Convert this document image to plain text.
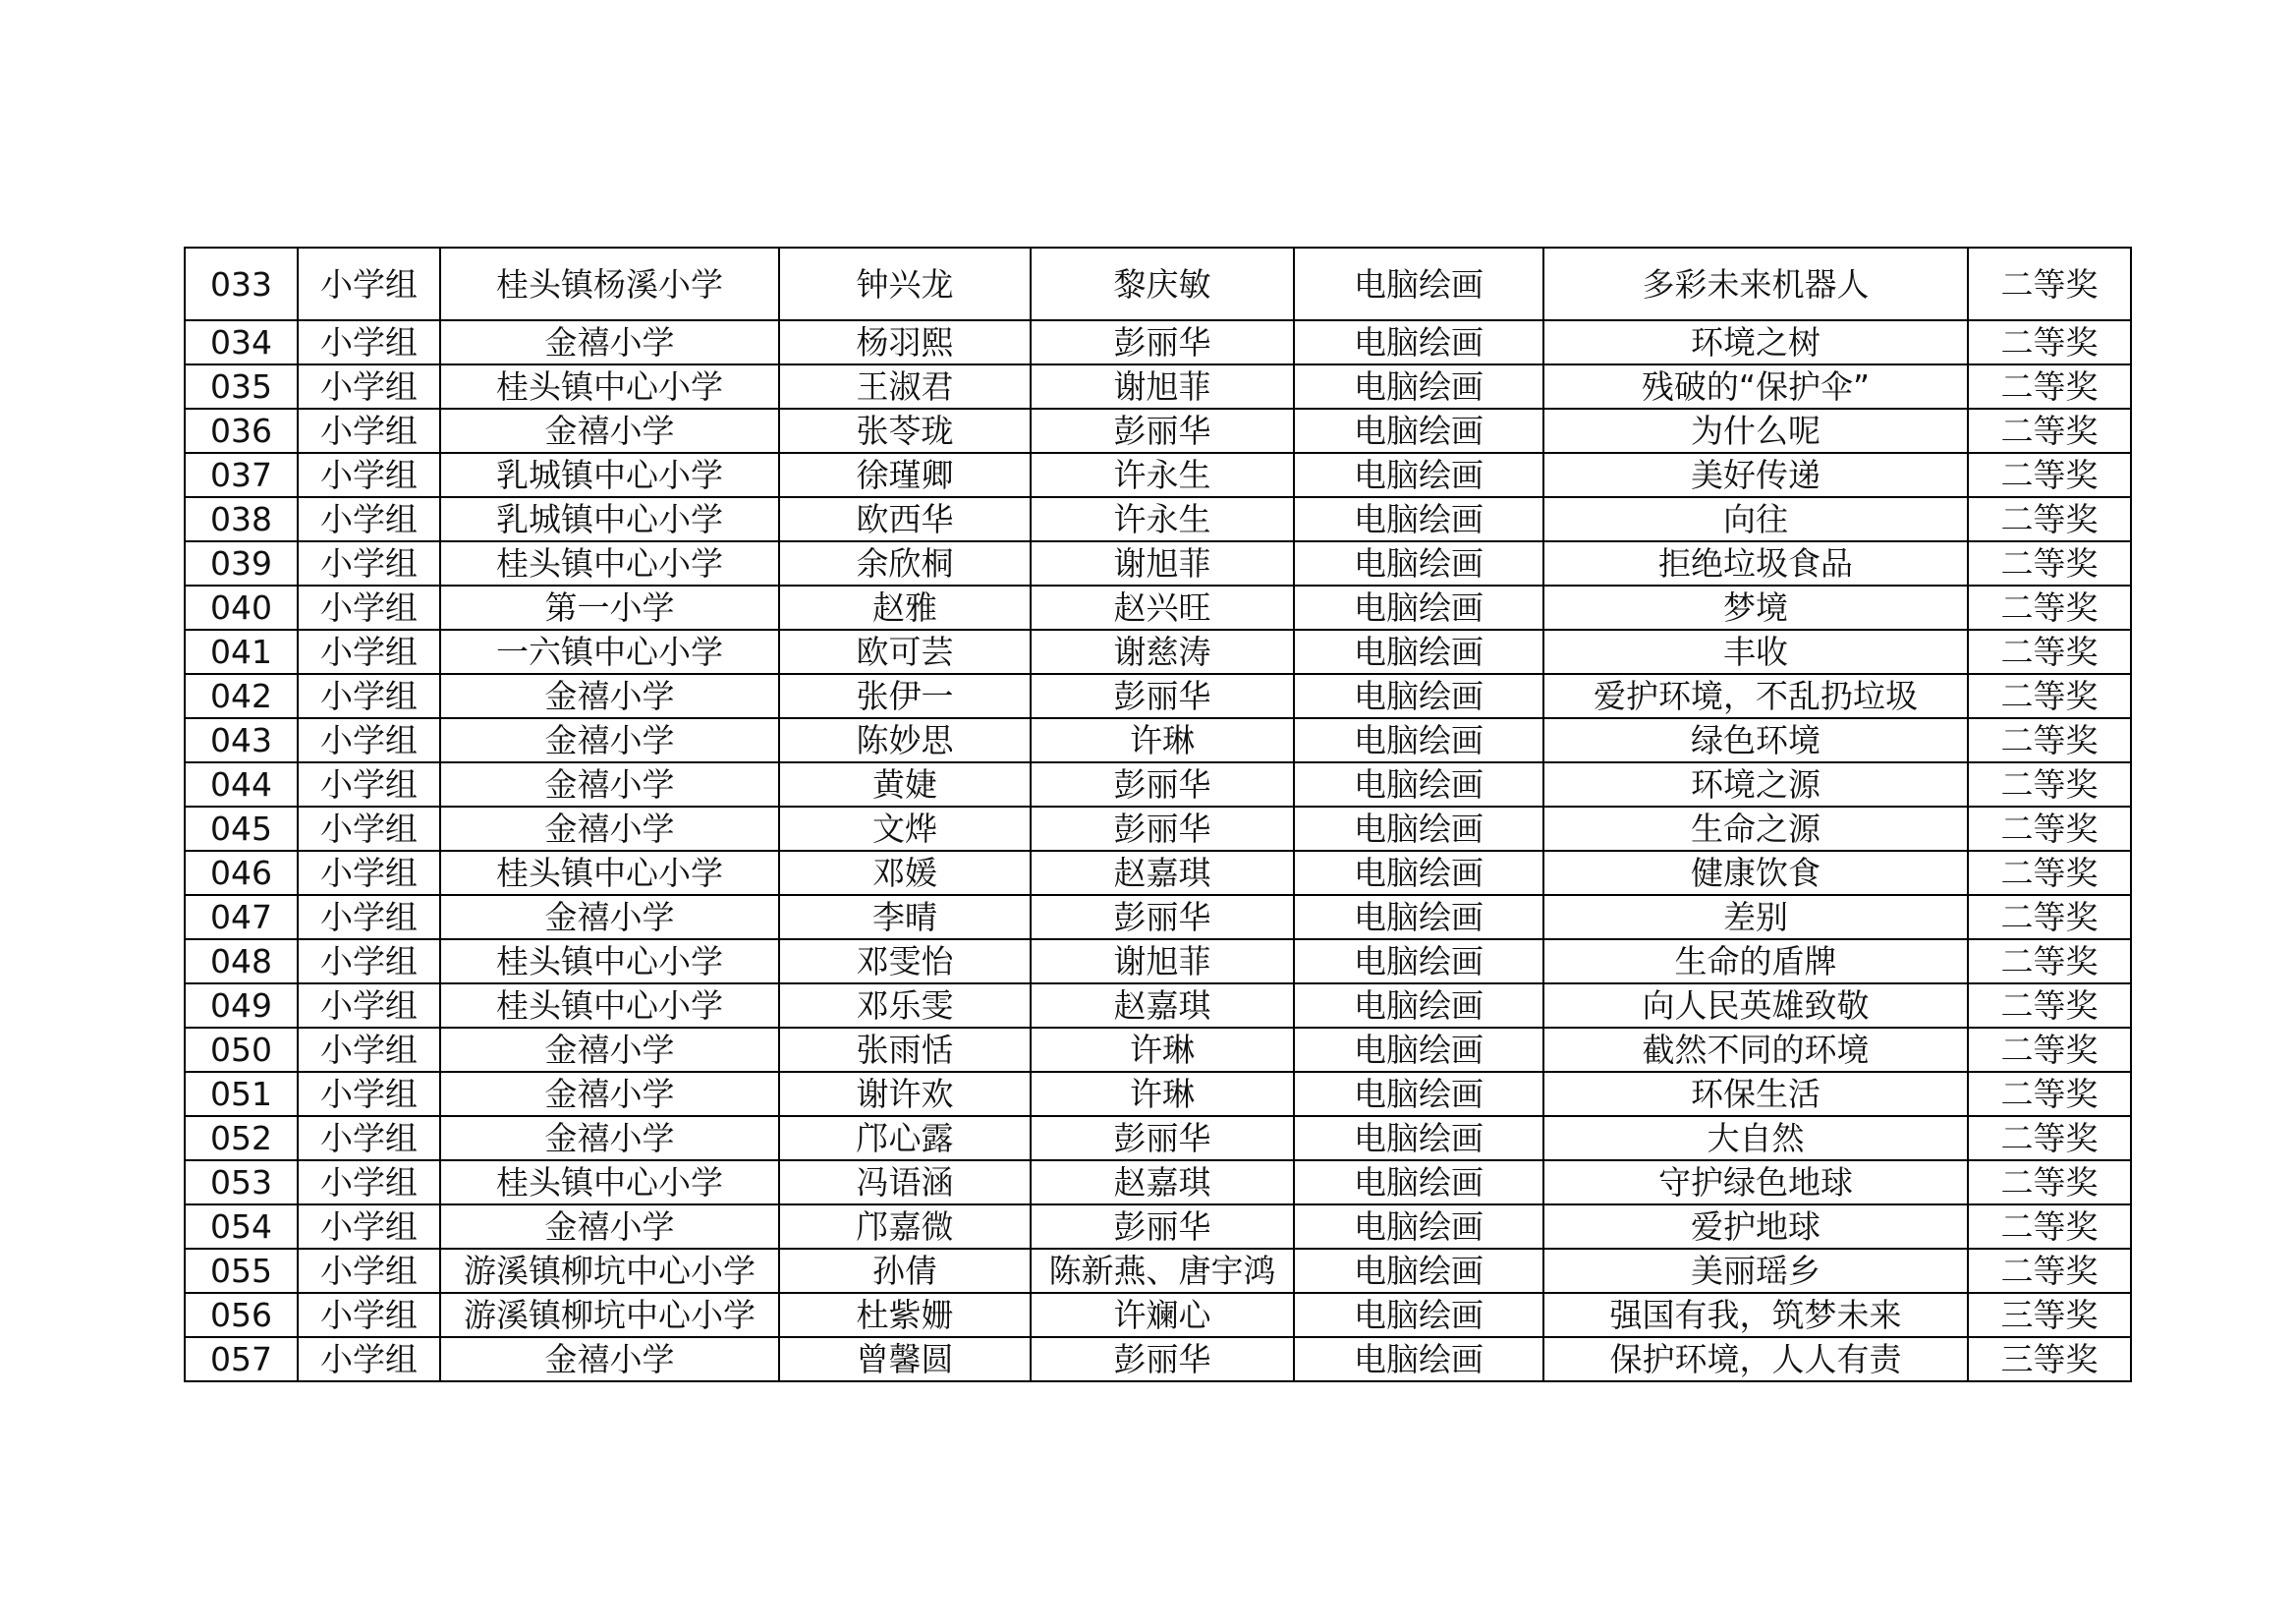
033	小学组	桂头镇杨溪小学	钟兴龙	黎庆敏	电脑绘画	多彩未来机器人	二等奖
034	小学组	金禧小学	杨羽熙	彭丽华	电脑绘画	环境之树	二等奖
035	小学组	桂头镇中心小学	王淑君	谢旭菲	电脑绘画	残破的“保护伞”	二等奖
036	小学组	金禧小学	张苓珑	彭丽华	电脑绘画	为什么呢	二等奖
037	小学组	乳城镇中心小学	徐瑾卿	许永生	电脑绘画	美好传递	二等奖
038	小学组	乳城镇中心小学	欧西华	许永生	电脑绘画	向往	二等奖
039	小学组	桂头镇中心小学	余欣桐	谢旭菲	电脑绘画	拒绝垃圾食品	二等奖
040	小学组	第一小学	赵雅	赵兴旺	电脑绘画	梦境	二等奖
041	小学组	一六镇中心小学	欧可芸	谢慈涛	电脑绘画	丰收	二等奖
042	小学组	金禧小学	张伊一	彭丽华	电脑绘画	爱护环境，不乱扔垃圾	二等奖
043	小学组	金禧小学	陈妙思	许琳	电脑绘画	绿色环境	二等奖
044	小学组	金禧小学	黄婕	彭丽华	电脑绘画	环境之源	二等奖
045	小学组	金禧小学	文烨	彭丽华	电脑绘画	生命之源	二等奖
046	小学组	桂头镇中心小学	邓媛	赵嘉琪	电脑绘画	健康饮食	二等奖
047	小学组	金禧小学	李晴	彭丽华	电脑绘画	差别	二等奖
048	小学组	桂头镇中心小学	邓雯怡	谢旭菲	电脑绘画	生命的盾牌	二等奖
049	小学组	桂头镇中心小学	邓乐雯	赵嘉琪	电脑绘画	向人民英雄致敬	二等奖
050	小学组	金禧小学	张雨恬	许琳	电脑绘画	截然不同的环境	二等奖
051	小学组	金禧小学	谢许欢	许琳	电脑绘画	环保生活	二等奖
052	小学组	金禧小学	邝心露	彭丽华	电脑绘画	大自然	二等奖
053	小学组	桂头镇中心小学	冯语涵	赵嘉琪	电脑绘画	守护绿色地球	二等奖
054	小学组	金禧小学	邝嘉微	彭丽华	电脑绘画	爱护地球	二等奖
055	小学组	游溪镇柳坑中心小学	孙倩	陈新燕、唐宇鸿	电脑绘画	美丽瑶乡	二等奖
056	小学组	游溪镇柳坑中心小学	杜紫姗	许斓心	电脑绘画	强国有我，筑梦未来	三等奖
057	小学组	金禧小学	曾馨圆	彭丽华	电脑绘画	保护环境，人人有责	三等奖
